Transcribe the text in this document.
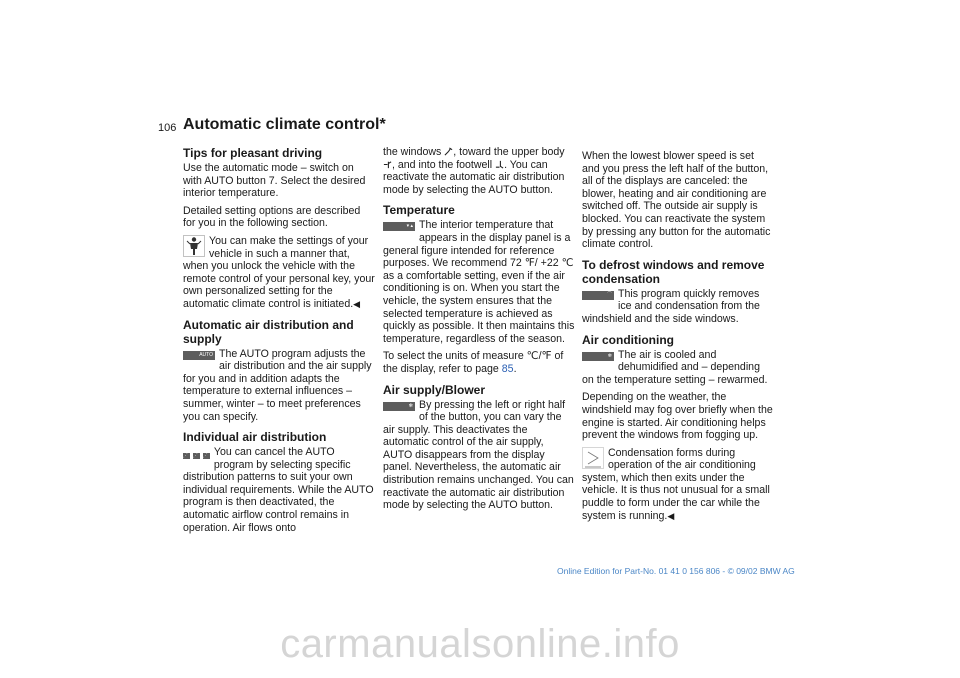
106 Automatic climate control*
Tips for pleasant driving

Use the automatic mode – switch on with AUTO button 7. Select the desired interior temperature.

Detailed setting options are described for you in the following section.

You can make the settings of your vehicle in such a manner that, when you unlock the vehicle with the remote control of your personal key, your own personalized setting for the automatic climate control is initiated.◀

Automatic air distribution and supply

AUTO The AUTO program adjusts the air distribution and the air supply for you and in addition adapts the temperature to external influences – summer, winter – to meet preferences you can specify.

Individual air distribution

⋰ ⋰ ⋰ You can cancel the AUTO program by selecting specific distribution patterns to suit your own individual requirements. While the AUTO program is then deactivated, the automatic airflow control remains in operation. Air flows onto

the windows , toward the upper body , and into the footwell . You can reactivate the automatic air distribution mode by selecting the AUTO button.

Temperature

▾ ▴ The interior temperature that appears in the display panel is a general figure intended for reference purposes. We recommend 72 ℉/ +22 ℃ as a comfortable setting, even if the air conditioning is on. When you start the vehicle, the system ensures that the selected temperature is achieved as quickly as possible. It then maintains this temperature, regardless of the season.

To select the units of measure ℃/℉ of the display, refer to page 85.

Air supply/Blower

✻ By pressing the left or right half of the button, you can vary the air supply. This deactivates the automatic control of the air supply, AUTO disappears from the display panel. Nevertheless, the automatic air distribution remains unchanged. You can reactivate the automatic air distribution mode by selecting the AUTO button.

When the lowest blower speed is set and you press the left half of the button, all of the displays are canceled: the blower, heating and air conditioning are switched off. The outside air supply is blocked. You can reactivate the system by pressing any button for the automatic climate control.

To defrost windows and remove condensation

⌒ This program quickly removes ice and condensation from the windshield and the side windows.

Air conditioning

❄ The air is cooled and dehumidified and – depending on the temperature setting – rewarmed.

Depending on the weather, the windshield may fog over briefly when the engine is started. Air conditioning helps prevent the windows from fogging up.

Condensation forms during operation of the air conditioning system, which then exits under the vehicle. It is thus not unusual for a small puddle to form under the car while the system is running.◀

Online Edition for Part-No. 01 41 0 156 806 - © 09/02 BMW AG
carmanualsonline.info
